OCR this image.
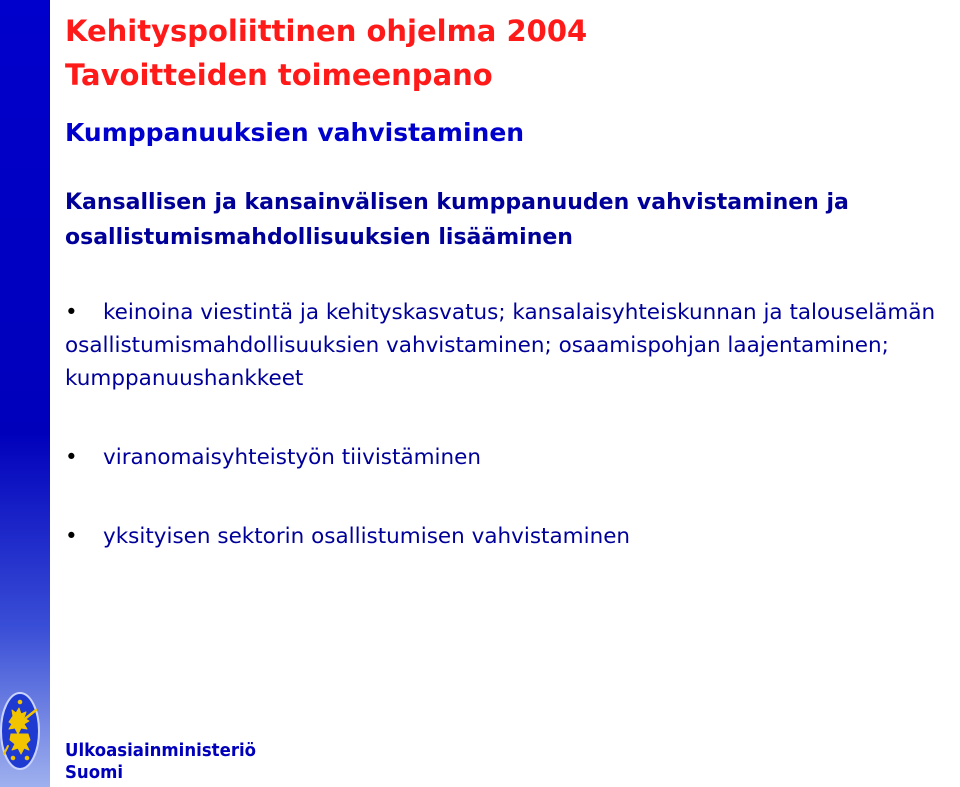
Kehityspoliittinen ohjelma 2004
Tavoitteiden toimeenpano
Kumppanuuksien vahvistaminen
Kansallisen ja kansainvälisen kumppanuuden vahvistaminen ja
osallistumismahdollisuuksien lisääminen
• keinoina viestintä ja kehityskasvatus; kansalaisyhteiskunnan ja talouselämän osallistumismahdollisuuksien vahvistaminen; osaamispohjan laajentaminen; kumppanuushankkeet
• viranomaisyhteistyön tiivistäminen
• yksityisen sektorin osallistumisen vahvistaminen
Ulkoasiainministeriö
Suomi
